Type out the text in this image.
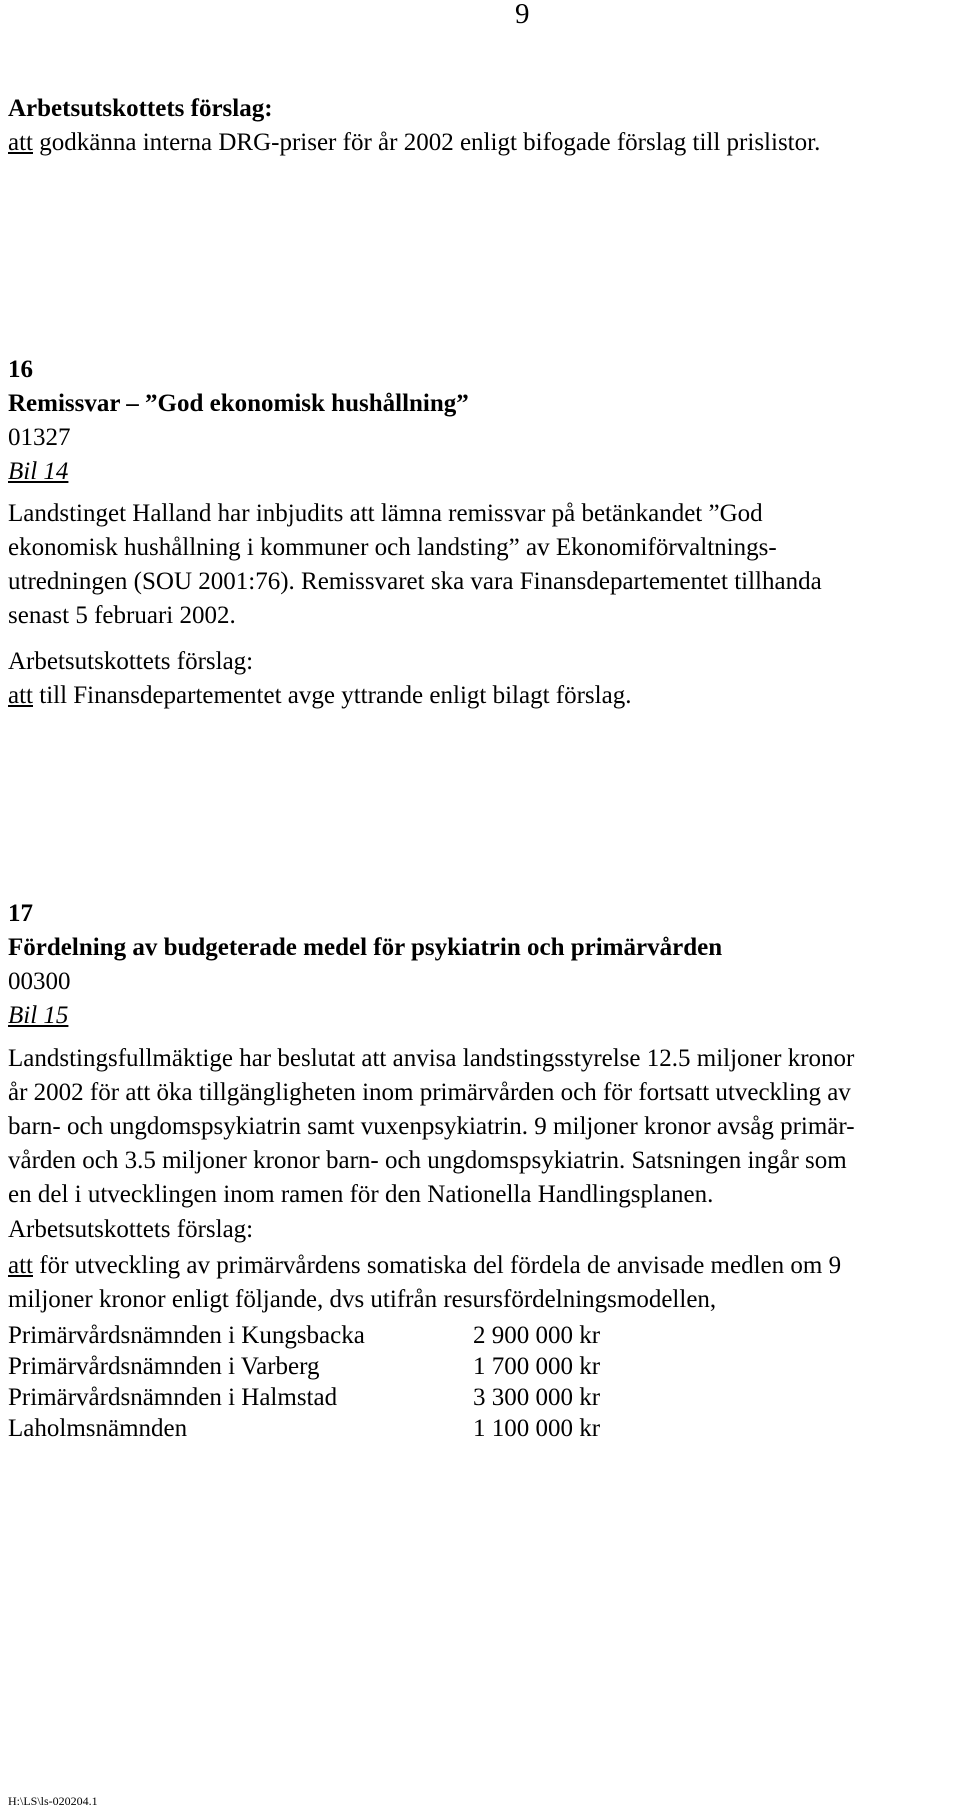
9
Arbetsutskottets förslag:
att godkänna interna DRG-priser för år 2002 enligt bifogade förslag till prislistor.
16
Remissvar – ”God ekonomisk hushållning”
01327
Bil 14
Landstinget Halland har inbjudits att lämna remissvar på betänkandet ”God
ekonomisk hushållning i kommuner och landsting” av Ekonomiförvaltnings-
utredningen (SOU 2001:76). Remissvaret ska vara Finansdepartementet tillhanda
senast 5 februari 2002.
Arbetsutskottets förslag:
att till Finansdepartementet avge yttrande enligt bilagt förslag.
17
Fördelning av budgeterade medel för psykiatrin och primärvården
00300
Bil 15
Landstingsfullmäktige har beslutat att anvisa landstingsstyrelse 12.5 miljoner kronor
år 2002 för att öka tillgängligheten inom primärvården och för fortsatt utveckling av
barn- och ungdomspsykiatrin samt vuxenpsykiatrin. 9 miljoner kronor avsåg primär-
vården och 3.5 miljoner kronor barn- och ungdomspsykiatrin. Satsningen ingår som
en del i utvecklingen inom ramen för den Nationella Handlingsplanen.
Arbetsutskottets förslag:
att för utveckling av primärvårdens somatiska del fördela de anvisade medlen om 9
miljoner kronor enligt följande, dvs utifrån resursfördelningsmodellen,
Primärvårdsnämnden i Kungsbacka	2 900 000 kr
Primärvårdsnämnden i Varberg	1 700 000 kr
Primärvårdsnämnden i Halmstad	3 300 000 kr
Laholmsnämnden	1 100 000 kr
H:\LS\ls-020204.1
